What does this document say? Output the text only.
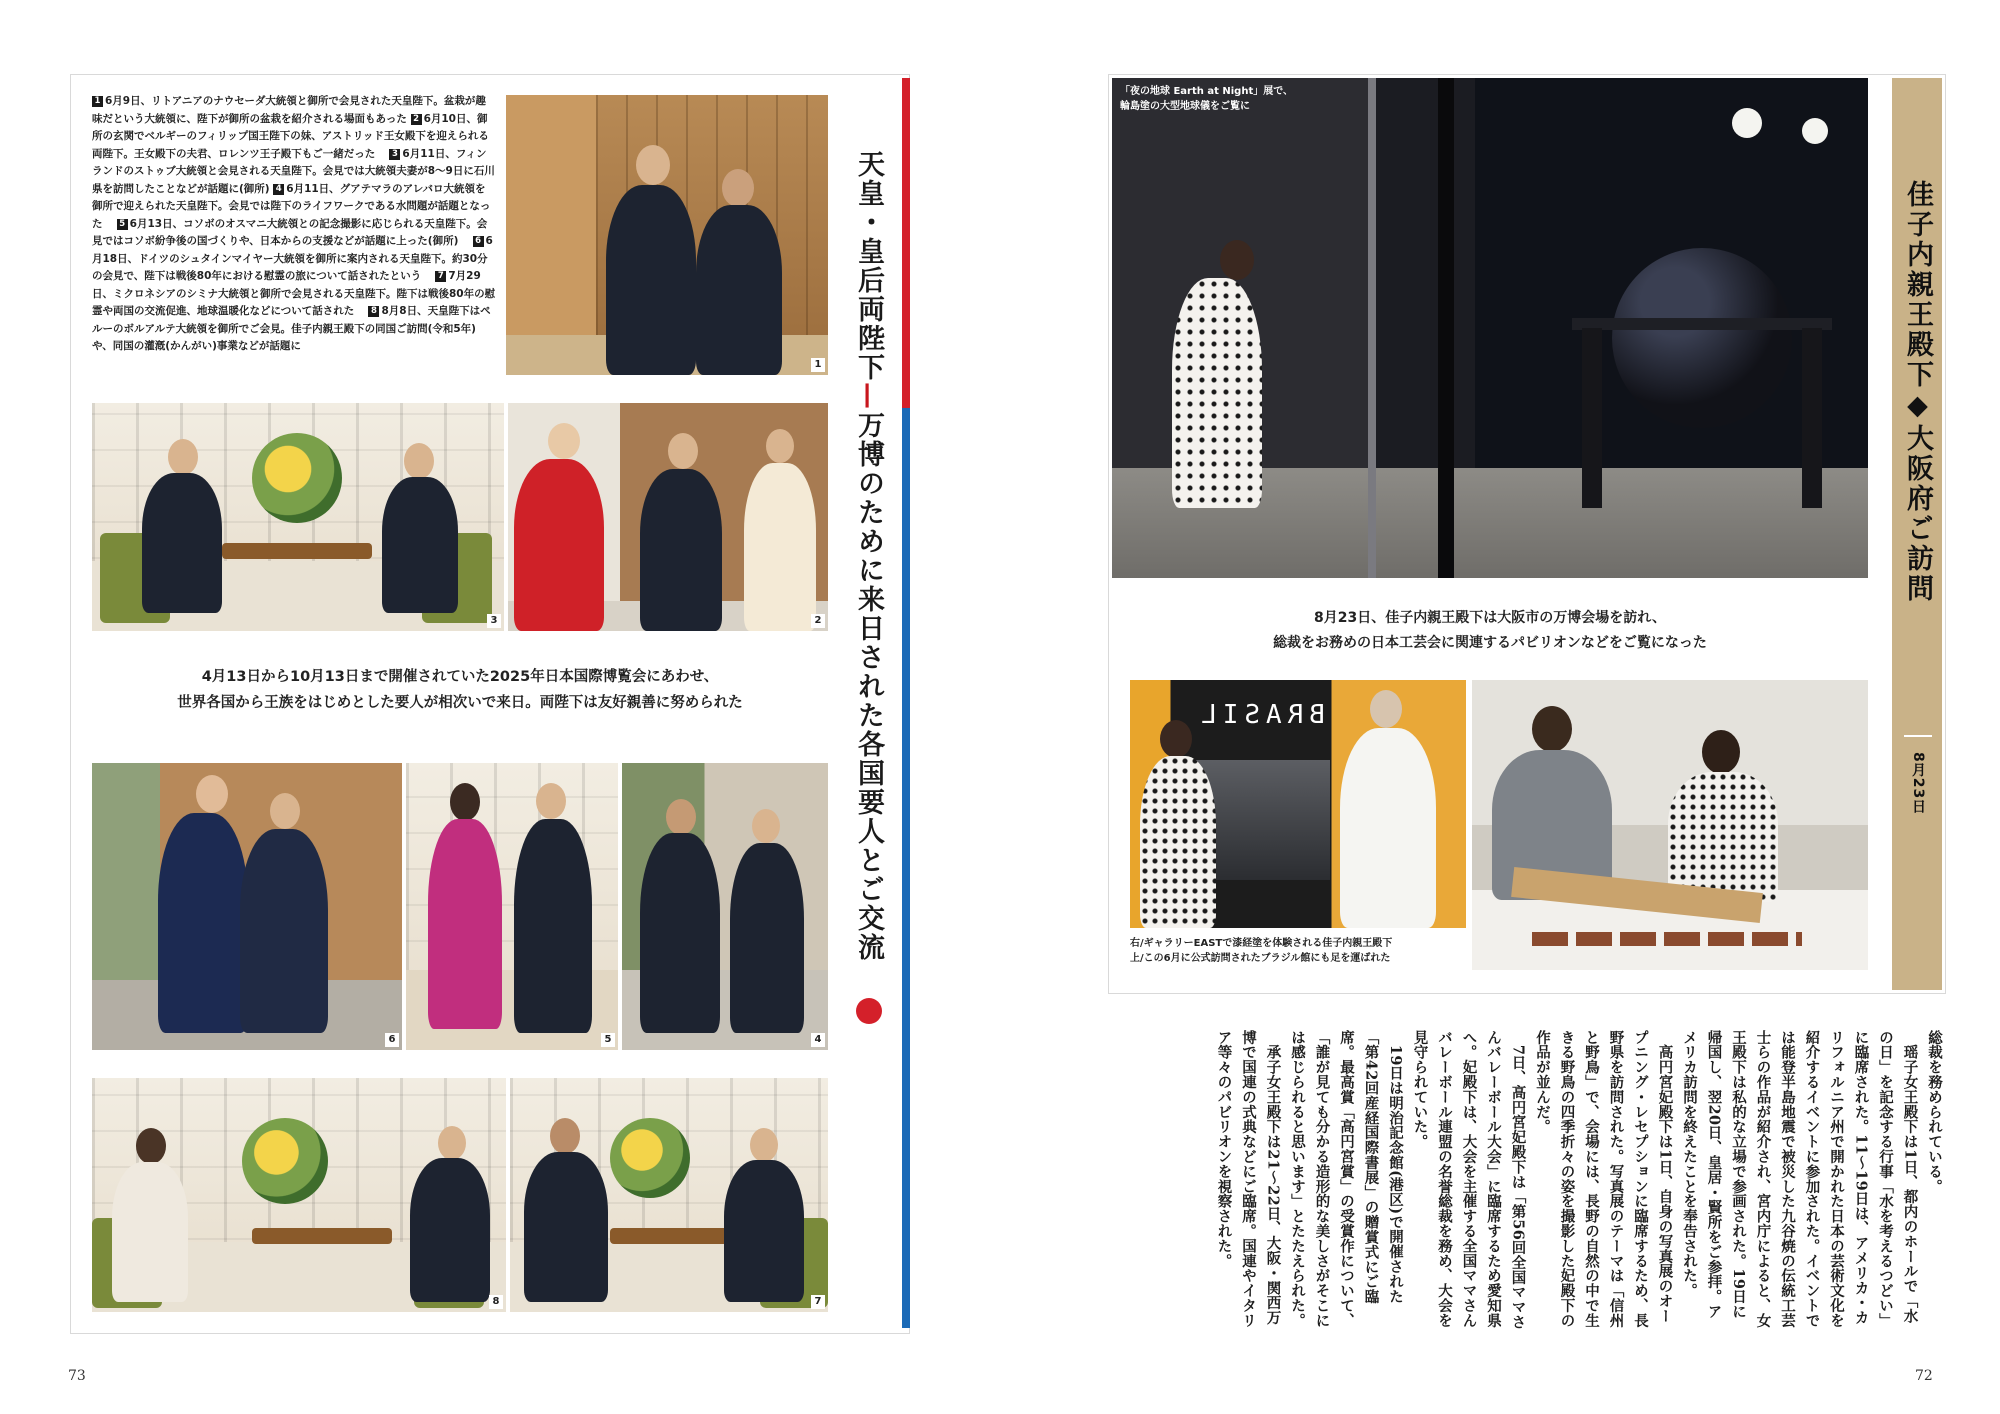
1 6月9日、リトアニアのナウセーダ大統領と御所で会見された天皇陛下。盆栽が趣味だという大統領に、陛下が御所の盆栽を紹介される場面もあった 2 6月10日、御所の玄関でベルギーのフィリップ国王陛下の妹、アストリッド王女殿下を迎えられる両陛下。王女殿下の夫君、ロレンツ王子殿下もご一緒だった 　 3 6月11日、フィンランドのストゥブ大統領と会見される天皇陛下。会見では大統領夫妻が8〜9日に石川県を訪問したことなどが話題に(御所) 4 6月11日、グアテマラのアレバロ大統領を御所で迎えられた天皇陛下。会見では陛下のライフワークである水問題が話題となった 　 5 6月13日、コソボのオスマニ大統領との記念撮影に応じられる天皇陛下。会見ではコソボ紛争後の国づくりや、日本からの支援などが話題に上った(御所) 　 6 6月18日、ドイツのシュタインマイヤー大統領を御所に案内される天皇陛下。約30分の会見で、陛下は戦後80年における慰霊の旅について話されたという 　 7 7月29日、ミクロネシアのシミナ大統領と御所で会見される天皇陛下。陛下は戦後80年の慰霊や両国の交流促進、地球温暖化などについて話された 　 8 8月8日、天皇陛下はペルーのボルアルテ大統領を御所でご会見。佳子内親王殿下の同国ご訪問(令和5年)や、同国の灌漑(かんがい)事業などが話題に
1
3	2
4月13日から10月13日まで開催されていた2025年日本国際博覧会にあわせ、
世界各国から王族をはじめとした要人が相次いで来日。両陛下は友好親善に努められた
6	5	4
8	7
天皇・皇后両陛下—万博のために来日された各国要人とご交流
73
「夜の地球 Earth at Night」展で、
輪島塗の大型地球儀をご覧に
8月23日、佳子内親王殿下は大阪市の万博会場を訪れ、
総裁をお務めの日本工芸会に関連するパビリオンなどをご覧になった
BRASIL
右/ギャラリーEASTで漆経塗を体験される佳子内親王殿下
上/この6月に公式訪問されたブラジル館にも足を運ばれた
佳子内親王殿下◆大阪府ご訪問
8月23日
総裁を務められている。
　瑶子女王殿下は1日、都内のホールで「水の日」を記念する行事「水を考えるつどい」に臨席された。11〜19日は、アメリカ・カリフォルニア州で開かれた日本の芸術文化を紹介するイベントに参加された。イベントでは能登半島地震で被災した九谷焼の伝統工芸士らの作品が紹介され、宮内庁によると、女王殿下は私的な立場で参画された。19日に帰国し、翌20日、皇居・賢所をご参拝。アメリカ訪問を終えたことを奉告された。
　高円宮妃殿下は1日、自身の写真展のオープニング・レセプションに臨席するため、長野県を訪問された。写真展のテーマは「信州と野鳥」で、会場には、長野の自然の中で生きる野鳥の四季折々の姿を撮影した妃殿下の作品が並んだ。
　7日、高円宮妃殿下は「第56回全国ママさんバレーボール大会」に臨席するため愛知県へ。妃殿下は、大会を主催する全国ママさんバレーボール連盟の名誉総裁を務め、大会を見守られていた。
　19日は明治記念館(港区)で開催された「第42回産経国際書展」の贈賞式にご臨席。最高賞「高円宮賞」の受賞作について、「誰が見ても分かる造形的な美しさがそこには感じられると思います」とたたえられた。
　承子女王殿下は21〜22日、大阪・関西万博で国連の式典などにご臨席。国連やイタリア等々のパビリオンを視察された。
72
